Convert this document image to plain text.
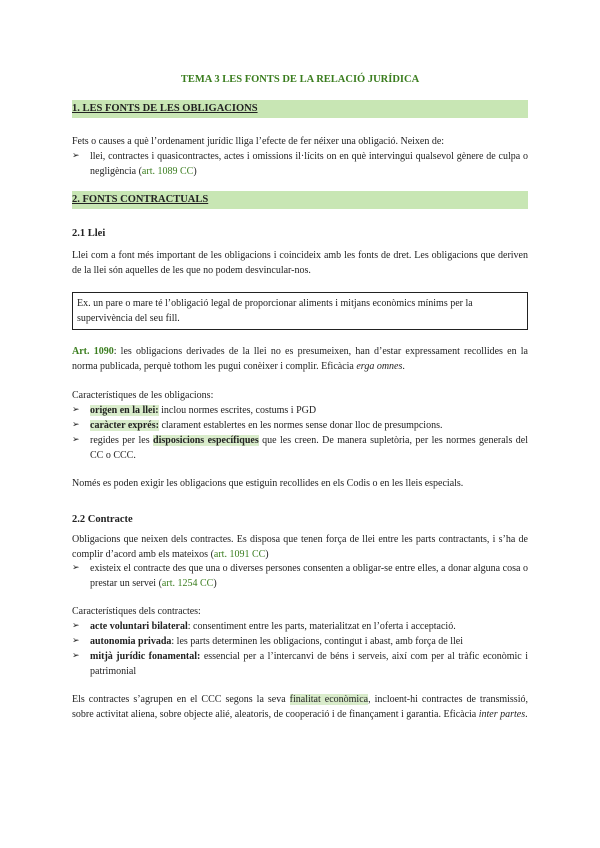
TEMA 3 LES FONTS DE LA RELACIÓ JURÍDICA
1. LES FONTS DE LES OBLIGACIONS
Fets o causes a què l’ordenament jurídic lliga l’efecte de fer néixer una obligació. Neixen de:
➢ llei, contractes i quasicontractes, actes i omissions il·lícits on en què intervingui qualsevol gènere de culpa o negligència (art. 1089 CC)
2. FONTS CONTRACTUALS
2.1 Llei
Llei com a font més important de les obligacions i coincideix amb les fonts de dret. Les obligacions que deriven de la llei són aquelles de les que no podem desvincular-nos.
Ex. un pare o mare té l’obligació legal de proporcionar aliments i mitjans econòmics mínims per la supervivència del seu fill.
Art. 1090: les obligacions derivades de la llei no es presumeixen, han d’estar expressament recollides en la norma publicada, perquè tothom les pugui conèixer i complir. Eficàcia erga omnes.
Característiques de les obligacions:
➢ origen en la llei: inclou normes escrites, costums i PGD
➢ caràcter exprés: clarament establertes en les normes sense donar lloc de presumpcions.
➢ regides per les disposicions específiques que les creen. De manera supletòria, per les normes generals del CC o CCC.
Només es poden exigir les obligacions que estiguin recollides en els Codis o en les lleis especials.
2.2 Contracte
Obligacions que neixen dels contractes. Es disposa que tenen força de llei entre les parts contractants, i s’ha de complir d’acord amb els mateixos (art. 1091 CC)
➢ existeix el contracte des que una o diverses persones consenten a obligar-se entre elles, a donar alguna cosa o prestar un servei (art. 1254 CC)
Característiques dels contractes:
➢ acte voluntari bilateral: consentiment entre les parts, materialitzat en l’oferta i acceptació.
➢ autonomia privada: les parts determinen les obligacions, contingut i abast, amb força de llei
➢ mitjà jurídic fonamental: essencial per a l’intercanvi de béns i serveis, així com per al tràfic econòmic i patrimonial
Els contractes s’agrupen en el CCC segons la seva finalitat econòmica, incloent-hi contractes de transmissió, sobre activitat aliena, sobre objecte alié, aleatoris, de cooperació i de finançament i garantia. Eficàcia inter partes.
